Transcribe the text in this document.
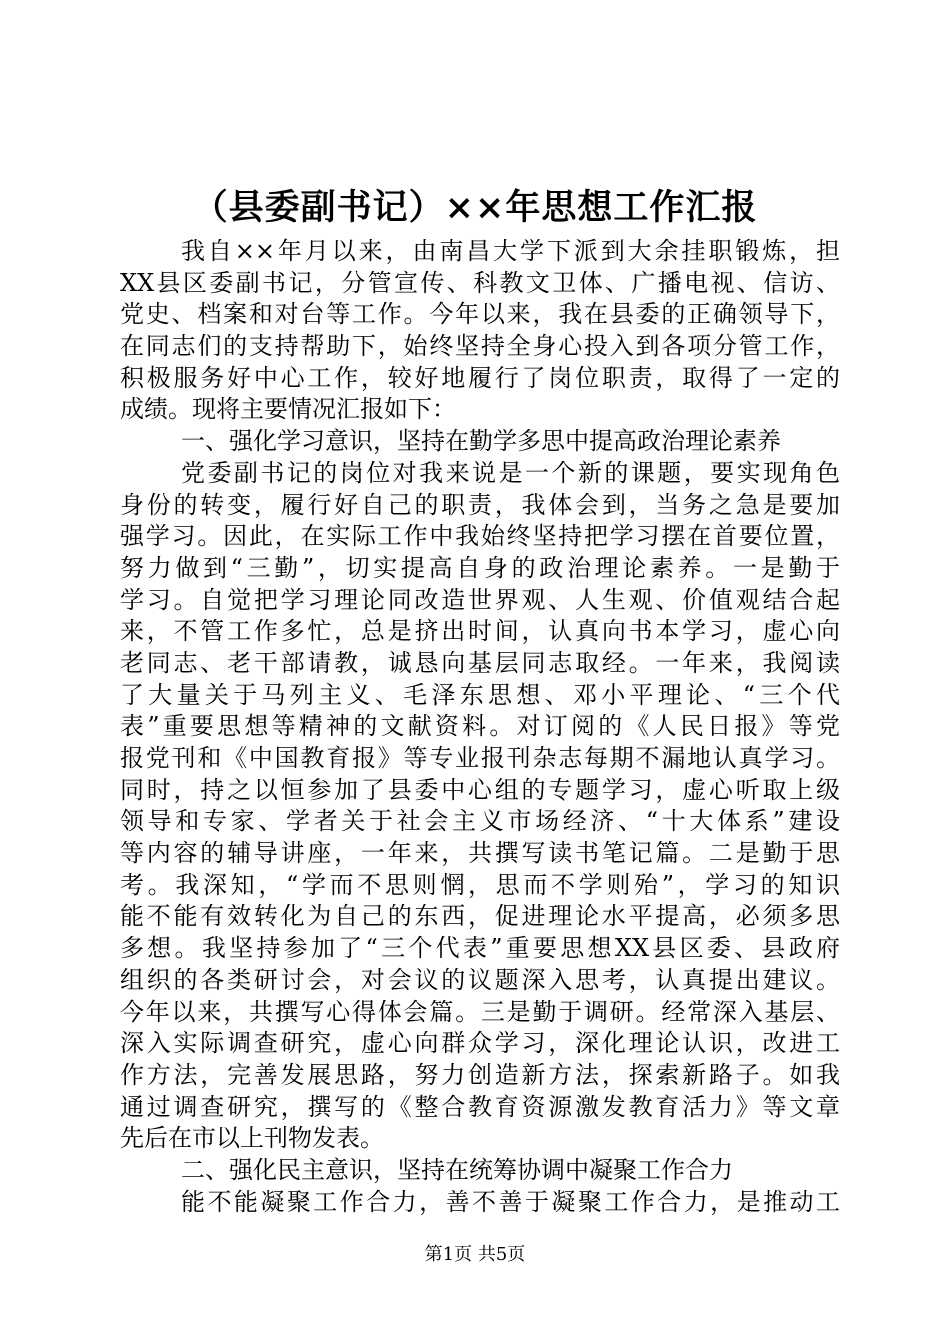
（县委副书记）××年思想工作汇报
我自××年月以来，由南昌大学下派到大余挂职锻炼，担
XX县区委副书记，分管宣传、科教文卫体、广播电视、信访、
党史、档案和对台等工作。今年以来，我在县委的正确领导下，
在同志们的支持帮助下，始终坚持全身心投入到各项分管工作，
积极服务好中心工作，较好地履行了岗位职责，取得了一定的
成绩。现将主要情况汇报如下：
一、强化学习意识，坚持在勤学多思中提高政治理论素养
党委副书记的岗位对我来说是一个新的课题，要实现角色
身份的转变，履行好自己的职责，我体会到，当务之急是要加
强学习。因此，在实际工作中我始终坚持把学习摆在首要位置，
努力做到“三勤”，切实提高自身的政治理论素养。一是勤于
学习。自觉把学习理论同改造世界观、人生观、价值观结合起
来，不管工作多忙，总是挤出时间，认真向书本学习，虚心向
老同志、老干部请教，诚恳向基层同志取经。一年来，我阅读
了大量关于马列主义、毛泽东思想、邓小平理论、“三个代
表”重要思想等精神的文献资料。对订阅的《人民日报》等党
报党刊和《中国教育报》等专业报刊杂志每期不漏地认真学习。
同时，持之以恒参加了县委中心组的专题学习，虚心听取上级
领导和专家、学者关于社会主义市场经济、“十大体系”建设
等内容的辅导讲座，一年来，共撰写读书笔记篇。二是勤于思
考。我深知，“学而不思则惘，思而不学则殆”，学习的知识
能不能有效转化为自己的东西，促进理论水平提高，必须多思
多想。我坚持参加了“三个代表”重要思想XX县区委、县政府
组织的各类研讨会，对会议的议题深入思考，认真提出建议。
今年以来，共撰写心得体会篇。三是勤于调研。经常深入基层、
深入实际调查研究，虚心向群众学习，深化理论认识，改进工
作方法，完善发展思路，努力创造新方法，探索新路子。如我
通过调查研究，撰写的《整合教育资源激发教育活力》等文章
先后在市以上刊物发表。
二、强化民主意识，坚持在统筹协调中凝聚工作合力
能不能凝聚工作合力，善不善于凝聚工作合力，是推动工
第1页 共5页
